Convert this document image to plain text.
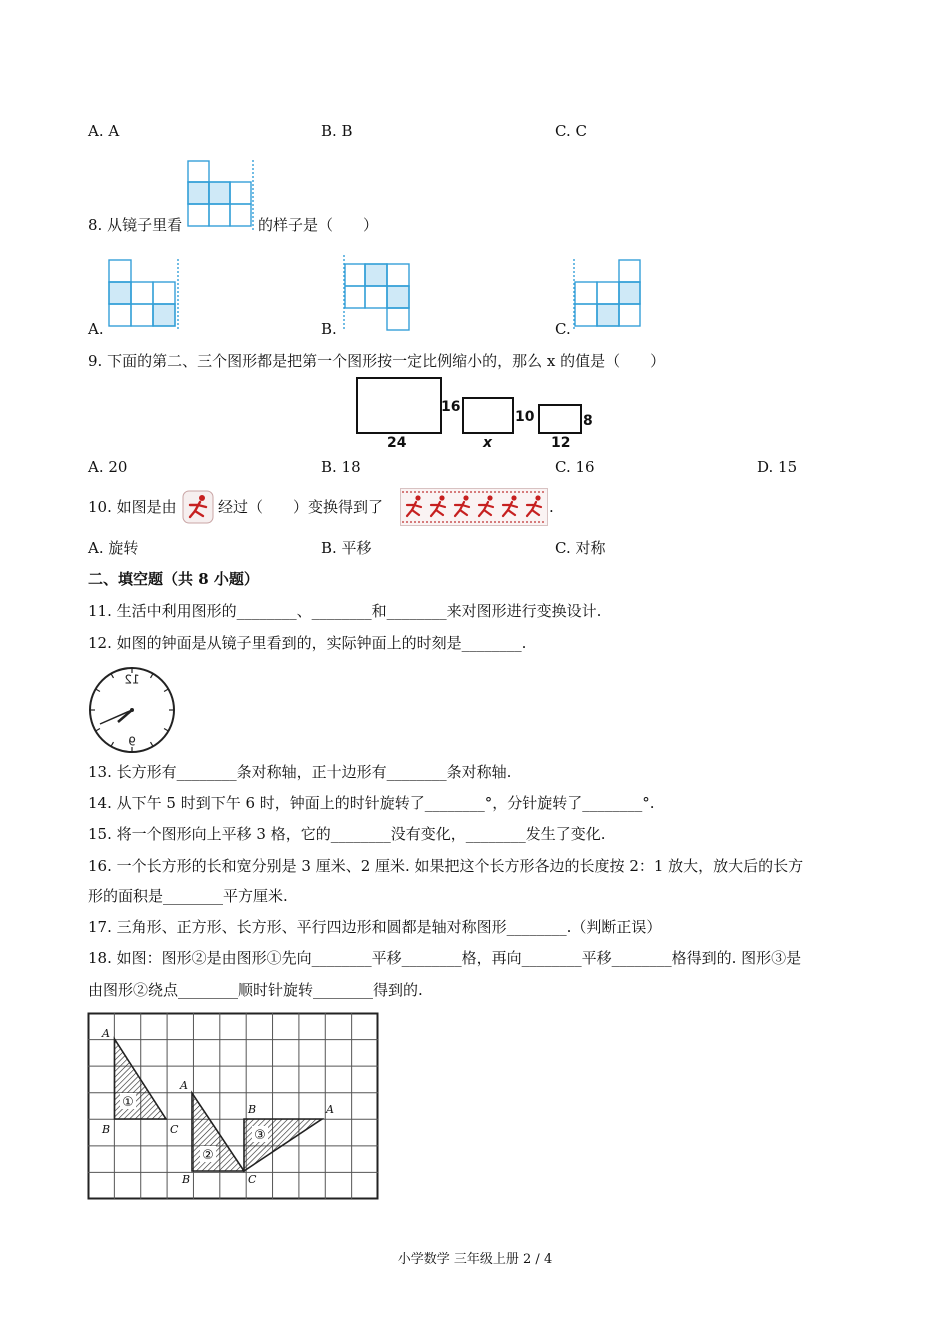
A. A	B. B	C. C
8. 从镜子里看	的样子是（　　）
A.	B.	C.
9. 下面的第二、三个图形都是把第一个图形按一定比例缩小的，那么 x 的值是（　　）
16
24
10
x
8
12
A. 20	B. 18	C. 16	D. 15
10. 如图是由	经过（　　）变换得到了	.
A. 旋转	B. 平移	C. 对称
二、填空题（共 8 小题）
11. 生活中利用图形的________、________和________来对图形进行变换设计.
12. 如图的钟面是从镜子里看到的，实际钟面上的时刻是________.
12
6
13. 长方形有________条对称轴，正十边形有________条对称轴.
14. 从下午 5 时到下午 6 时，钟面上的时针旋转了________°，分针旋转了________°.
15. 将一个图形向上平移 3 格，它的________没有变化，________发生了变化.
16. 一个长方形的长和宽分别是 3 厘米、2 厘米. 如果把这个长方形各边的长度按 2：1 放大，放大后的长方
形的面积是________平方厘米.
17. 三角形、正方形、长方形、平行四边形和圆都是轴对称图形________.（判断正误）
18. 如图：图形②是由图形①先向________平移________格，再向________平移________格得到的. 图形③是
由图形②绕点________顺时针旋转________得到的.
A
B	C
A
B	C
B	A
①
②
③
小学数学 三年级上册 2 / 4
